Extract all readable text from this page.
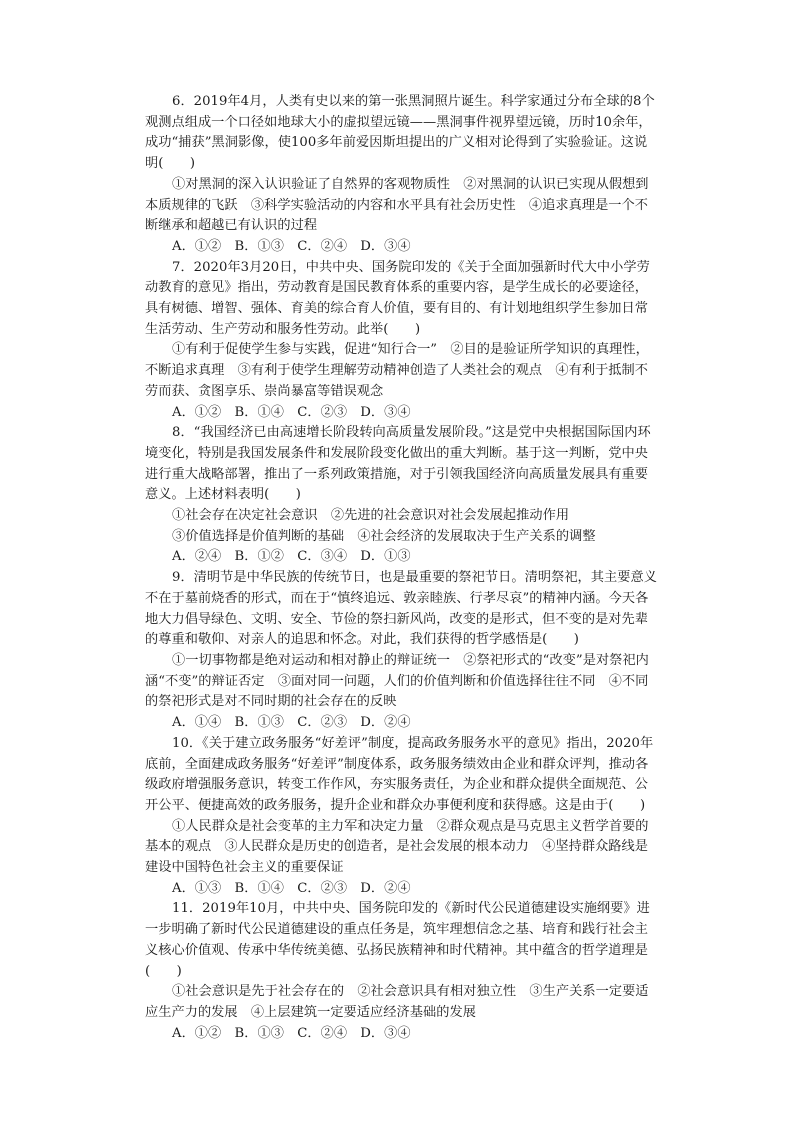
6．2019年4月，人类有史以来的第一张黑洞照片诞生。科学家通过分布全球的8个观测点组成一个口径如地球大小的虚拟望远镜——黑洞事件视界望远镜，历时10余年，成功“捕获”黑洞影像，使100多年前爱因斯坦提出的广义相对论得到了实验验证。这说明(　　)

①对黑洞的深入认识验证了自然界的客观物质性　②对黑洞的认识已实现从假想到本质规律的飞跃　③科学实验活动的内容和水平具有社会历史性　④追求真理是一个不断继承和超越已有认识的过程

A．①②　B．①③　C．②④　D．③④

7．2020年3月20日，中共中央、国务院印发的《关于全面加强新时代大中小学劳动教育的意见》指出，劳动教育是国民教育体系的重要内容，是学生成长的必要途径，具有树德、增智、强体、育美的综合育人价值，要有目的、有计划地组织学生参加日常生活劳动、生产劳动和服务性劳动。此举(　　)

①有利于促使学生参与实践，促进“知行合一”　②目的是验证所学知识的真理性，不断追求真理　③有利于使学生理解劳动精神创造了人类社会的观点　④有利于抵制不劳而获、贪图享乐、崇尚暴富等错误观念

A．①②　B．①④　C．②③　D．③④

8．“我国经济已由高速增长阶段转向高质量发展阶段。”这是党中央根据国际国内环境变化，特别是我国发展条件和发展阶段变化做出的重大判断。基于这一判断，党中央进行重大战略部署，推出了一系列政策措施，对于引领我国经济向高质量发展具有重要意义。上述材料表明(　　)

①社会存在决定社会意识　②先进的社会意识对社会发展起推动作用

③价值选择是价值判断的基础　④社会经济的发展取决于生产关系的调整

A．②④　B．①②　C．③④　D．①③

9．清明节是中华民族的传统节日，也是最重要的祭祀节日。清明祭祀，其主要意义不在于墓前烧香的形式，而在于“慎终追远、敦亲睦族、行孝尽哀”的精神内涵。今天各地大力倡导绿色、文明、安全、节俭的祭扫新风尚，改变的是形式，但不变的是对先辈的尊重和敬仰、对亲人的追思和怀念。对此，我们获得的哲学感悟是(　　)

①一切事物都是绝对运动和相对静止的辩证统一　②祭祀形式的“改变”是对祭祀内涵“不变”的辩证否定　③面对同一问题，人们的价值判断和价值选择往往不同　④不同的祭祀形式是对不同时期的社会存在的反映

A．①④　B．①③　C．②③　D．②④

10．《关于建立政务服务“好差评”制度，提高政务服务水平的意见》指出，2020年底前，全面建成政务服务“好差评”制度体系，政务服务绩效由企业和群众评判，推动各级政府增强服务意识，转变工作作风，夯实服务责任，为企业和群众提供全面规范、公开公平、便捷高效的政务服务，提升企业和群众办事便利度和获得感。这是由于(　　)

①人民群众是社会变革的主力军和决定力量　②群众观点是马克思主义哲学首要的基本的观点　③人民群众是历史的创造者，是社会发展的根本动力　④坚持群众路线是建设中国特色社会主义的重要保证

A．①③　B．①④　C．②③　D．②④

11．2019年10月，中共中央、国务院印发的《新时代公民道德建设实施纲要》进一步明确了新时代公民道德建设的重点任务是，筑牢理想信念之基、培育和践行社会主义核心价值观、传承中华传统美德、弘扬民族精神和时代精神。其中蕴含的哲学道理是(　　)

①社会意识是先于社会存在的　②社会意识具有相对独立性　③生产关系一定要适应生产力的发展　④上层建筑一定要适应经济基础的发展

A．①②　B．①③　C．②④　D．③④
